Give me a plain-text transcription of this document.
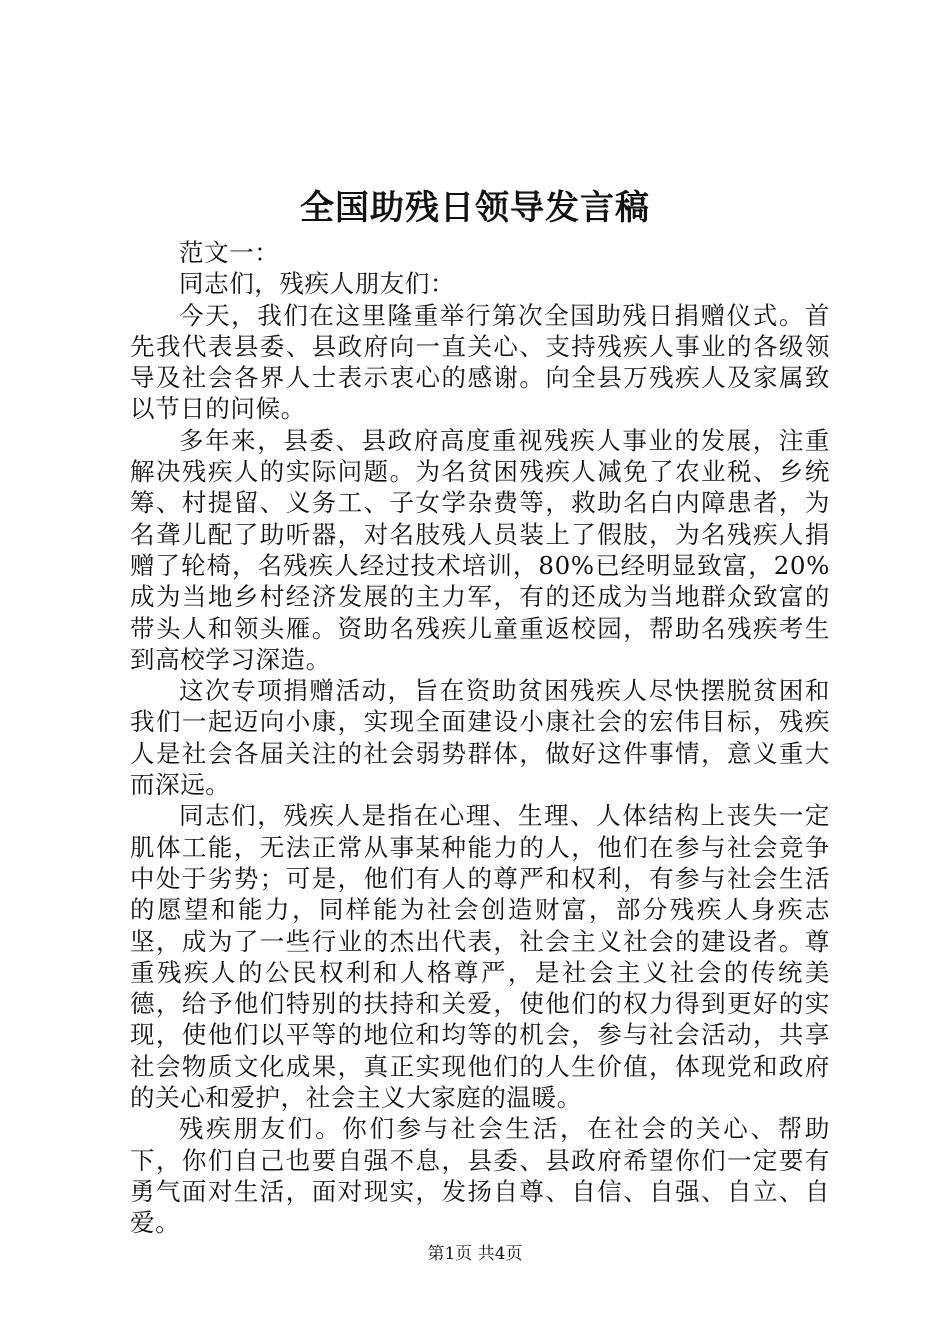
全国助残日领导发言稿

范文一：

同志们，残疾人朋友们：

今天，我们在这里隆重举行第次全国助残日捐赠仪式。首先我代表县委、县政府向一直关心、支持残疾人事业的各级领导及社会各界人士表示衷心的感谢。向全县万残疾人及家属致以节日的问候。

多年来，县委、县政府高度重视残疾人事业的发展，注重解决残疾人的实际问题。为名贫困残疾人减免了农业税、乡统筹、村提留、义务工、子女学杂费等，救助名白内障患者，为名聋儿配了助听器，对名肢残人员装上了假肢，为名残疾人捐赠了轮椅，名残疾人经过技术培训，80%已经明显致富，20%成为当地乡村经济发展的主力军，有的还成为当地群众致富的带头人和领头雁。资助名残疾儿童重返校园，帮助名残疾考生到高校学习深造。

这次专项捐赠活动，旨在资助贫困残疾人尽快摆脱贫困和我们一起迈向小康，实现全面建设小康社会的宏伟目标，残疾人是社会各届关注的社会弱势群体，做好这件事情，意义重大而深远。

同志们，残疾人是指在心理、生理、人体结构上丧失一定肌体工能，无法正常从事某种能力的人，他们在参与社会竞争中处于劣势；可是，他们有人的尊严和权利，有参与社会生活的愿望和能力，同样能为社会创造财富，部分残疾人身疾志坚，成为了一些行业的杰出代表，社会主义社会的建设者。尊重残疾人的公民权利和人格尊严，是社会主义社会的传统美德，给予他们特别的扶持和关爱，使他们的权力得到更好的实现，使他们以平等的地位和均等的机会，参与社会活动，共享社会物质文化成果，真正实现他们的人生价值，体现党和政府的关心和爱护，社会主义大家庭的温暖。

残疾朋友们。你们参与社会生活，在社会的关心、帮助下，你们自己也要自强不息，县委、县政府希望你们一定要有勇气面对生活，面对现实，发扬自尊、自信、自强、自立、自爱。

第1页 共4页
